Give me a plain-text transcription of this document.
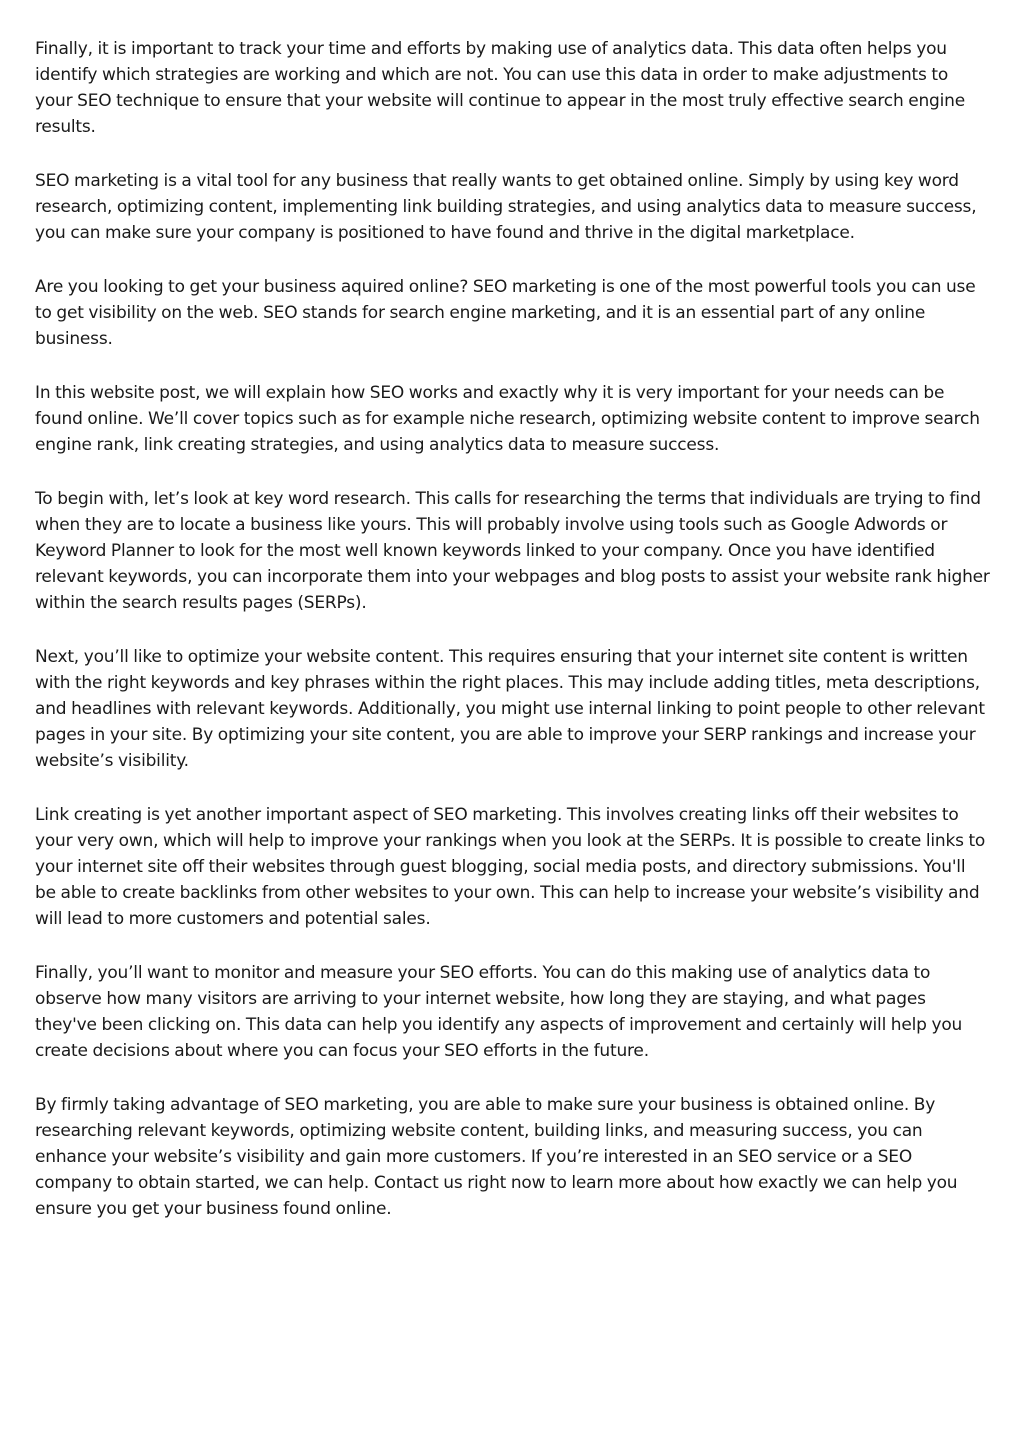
Finally, it is important to track your time and efforts by making use of analytics data. This data often helps you identify which strategies are working and which are not. You can use this data in order to make adjustments to your SEO technique to ensure that your website will continue to appear in the most truly effective search engine results.

SEO marketing is a vital tool for any business that really wants to get obtained online. Simply by using key word research, optimizing content, implementing link building strategies, and using analytics data to measure success, you can make sure your company is positioned to have found and thrive in the digital marketplace.

Are you looking to get your business aquired online? SEO marketing is one of the most powerful tools you can use to get visibility on the web. SEO stands for search engine marketing, and it is an essential part of any online business.

In this website post, we will explain how SEO works and exactly why it is very important for your needs can be found online. We’ll cover topics such as for example niche research, optimizing website content to improve search engine rank, link creating strategies, and using analytics data to measure success.

To begin with, let’s look at key word research. This calls for researching the terms that individuals are trying to find when they are to locate a business like yours. This will probably involve using tools such as Google Adwords or Keyword Planner to look for the most well known keywords linked to your company. Once you have identified relevant keywords, you can incorporate them into your webpages and blog posts to assist your website rank higher within the search results pages (SERPs).

Next, you’ll like to optimize your website content. This requires ensuring that your internet site content is written with the right keywords and key phrases within the right places. This may include adding titles, meta descriptions, and headlines with relevant keywords. Additionally, you might use internal linking to point people to other relevant pages in your site. By optimizing your site content, you are able to improve your SERP rankings and increase your website’s visibility.

Link creating is yet another important aspect of SEO marketing. This involves creating links off their websites to your very own, which will help to improve your rankings when you look at the SERPs. It is possible to create links to your internet site off their websites through guest blogging, social media posts, and directory submissions. You'll be able to create backlinks from other websites to your own. This can help to increase your website’s visibility and will lead to more customers and potential sales.

Finally, you’ll want to monitor and measure your SEO efforts. You can do this making use of analytics data to observe how many visitors are arriving to your internet website, how long they are staying, and what pages they've been clicking on. This data can help you identify any aspects of improvement and certainly will help you create decisions about where you can focus your SEO efforts in the future.

By firmly taking advantage of SEO marketing, you are able to make sure your business is obtained online. By researching relevant keywords, optimizing website content, building links, and measuring success, you can enhance your website’s visibility and gain more customers. If you’re interested in an SEO service or a SEO company to obtain started, we can help. Contact us right now to learn more about how exactly we can help you ensure you get your business found online.
